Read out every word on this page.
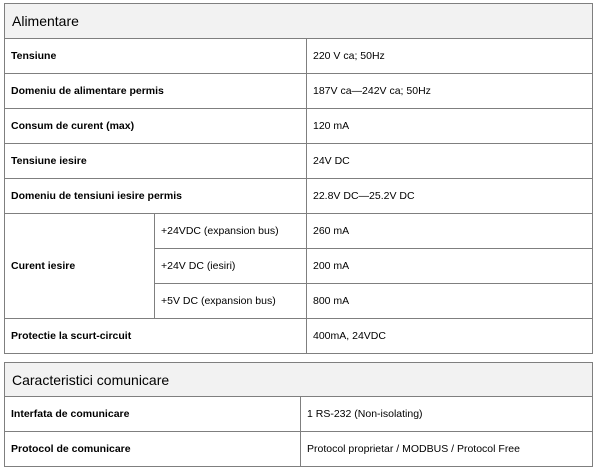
Alimentare		
Tensiune		220 V ca; 50Hz
Domeniu de alimentare permis		187V ca—242V ca; 50Hz
Consum de curent (max)		120 mA
Tensiune iesire		24V DC
Domeniu de tensiuni iesire permis		22.8V DC—25.2V DC
Curent iesire	+24VDC (expansion bus)	260 mA
	+24V DC (iesiri)	200 mA
	+5V DC (expansion bus)	800 mA
Protectie la scurt-circuit		400mA, 24VDC
Caracteristici comunicare	
Interfata de comunicare	1 RS-232 (Non-isolating)
Protocol de comunicare	Protocol proprietar / MODBUS / Protocol Free
